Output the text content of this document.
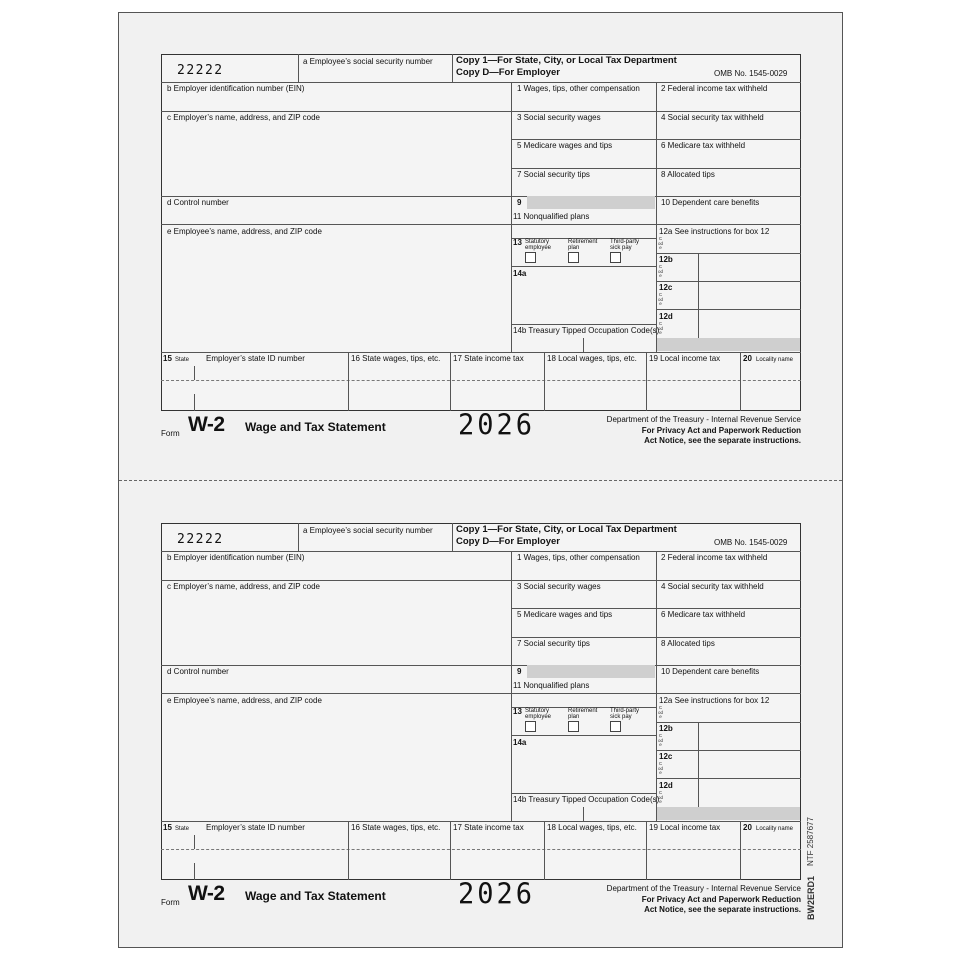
NTF 2587677
BW2ERD1
22222
a Employee’s social security number Copy 1—For State, City, or Local Tax Department
Copy D—For Employer	OMB No. 1545-0029
b Employer identification number (EIN)
c Employer’s name, address, and ZIP code
d Control number
e Employee’s name, address, and ZIP code
1 Wages, tips, other compensation	2 Federal income tax withheld
3 Social security wages	4 Social security tax withheld
5 Medicare wages and tips	6 Medicare tax withheld
7 Social security tips	8 Allocated tips
9	10 Dependent care benefits
11 Nonqualified plans
12a See instructions for box 12
Code
12b
Code
12c
Code
12d
Code
13 Statutory employee
Retirement plan
Third-party sick pay
14a
14b Treasury Tipped Occupation Code(s)
15 State Employer’s state ID number	16 State wages, tips, etc. 17 State income tax	18 Local wages, tips, etc. 19 Local income tax	20 Locality name
Form W-2 Wage and Tax Statement	2026	Department of the Treasury - Internal Revenue Service
For Privacy Act and Paperwork Reduction
Act Notice, see the separate instructions.
22222
a Employee’s social security number Copy 1—For State, City, or Local Tax Department
Copy D—For Employer	OMB No. 1545-0029
b Employer identification number (EIN)
c Employer’s name, address, and ZIP code
d Control number
e Employee’s name, address, and ZIP code
1 Wages, tips, other compensation	2 Federal income tax withheld
3 Social security wages	4 Social security tax withheld
5 Medicare wages and tips	6 Medicare tax withheld
7 Social security tips	8 Allocated tips
9	10 Dependent care benefits
11 Nonqualified plans
12a See instructions for box 12
Code
12b
Code
12c
Code
12d
Code
13 Statutory employee
Retirement plan
Third-party sick pay
14a
14b Treasury Tipped Occupation Code(s)
15 State Employer’s state ID number	16 State wages, tips, etc. 17 State income tax	18 Local wages, tips, etc. 19 Local income tax	20 Locality name
Form W-2 Wage and Tax Statement	2026	Department of the Treasury - Internal Revenue Service
For Privacy Act and Paperwork Reduction
Act Notice, see the separate instructions.
